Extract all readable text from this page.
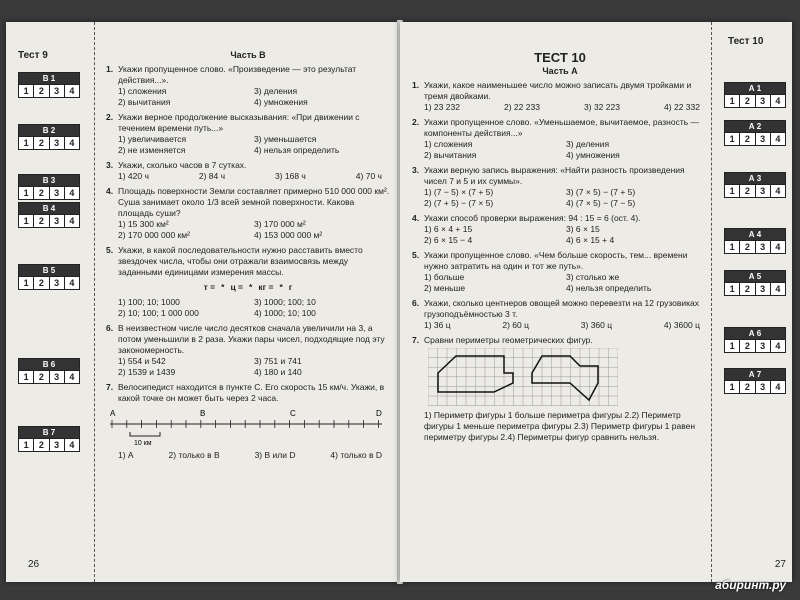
Тест 9
В 1
1	2	3	4
В 2
1	2	3	4
В 3
1	2	3	4
В 4
1	2	3	4
В 5
1	2	3	4
В 6
1	2	3	4
В 7
1	2	3	4
Часть В
1. Укажи пропущенное слово. «Произведение — это результат действия...».
1) сложения	3) деления
2) вычитания	4) умножения
2. Укажи верное продолжение высказывания: «При движении с течением времени путь...»
1) увеличивается	3) уменьшается
2) не изменяется	4) нельзя определить
3. Укажи, сколько часов в 7 сутках.
1) 420 ч	2) 84 ч	3) 168 ч	4) 70 ч
4. Площадь поверхности Земли составляет примерно 510 000 000 км². Суша занимает около 1/3 всей земной поверхности. Какова площадь суши?
1) 15 300 км²	3) 170 000 м²
2) 170 000 000 км²	4) 153 000 000 м²
5. Укажи, в какой последовательности нужно расставить вместо звездочек числа, чтобы они отражали взаимосвязь между заданными единицами измерения массы.
т = * ц = * кг = * г
1) 100; 10; 1000	3) 1000; 100; 10
2) 10; 100; 1 000 000	4) 1000; 10; 100
6. В неизвестном числе число десятков сначала увеличили на 3, а потом уменьшили в 2 раза. Укажи пары чисел, подходящие под эту закономерность.
1) 554 и 542	3) 751 и 741
2) 1539 и 1439	4) 180 и 140
7. Велосипедист находится в пункте С. Его скорость 15 км/ч. Укажи, в какой точке он может быть через 2 часа.
A	B	C	D
10 км
1) А	2) только в В	3) В или D	4) только в D
26
ТЕСТ 10
Часть А
1. Укажи, какое наименьшее число можно записать двумя тройками и тремя двойками.
1) 23 232	2) 22 233	3) 32 223	4) 22 332
2. Укажи пропущенное слово. «Уменьшаемое, вычитаемое, разность — компоненты действия...»
1) сложения	3) деления
2) вычитания	4) умножения
3. Укажи верную запись выражения: «Найти разность произведения чисел 7 и 5 и их суммы».
1) (7 − 5) × (7 + 5)	3) (7 × 5) − (7 + 5)
2) (7 + 5) − (7 × 5)	4) (7 × 5) − (7 − 5)
4. Укажи способ проверки выражения: 94 : 15 = 6 (ост. 4).
1) 6 × 4 + 15	3) 6 × 15
2) 6 × 15 − 4	4) 6 × 15 + 4
5. Укажи пропущенное слово. «Чем больше скорость, тем... времени нужно затратить на один и тот же путь».
1) больше	3) столько же
2) меньше	4) нельзя определить
6. Укажи, сколько центнеров овощей можно перевезти на 12 грузовиках грузоподъёмностью 3 т.
1) 36 ц	2) 60 ц	3) 360 ц	4) 3600 ц
7. Сравни периметры геометрических фигур.
1) Периметр фигуры 1 больше периметра фигуры 2.2) Периметр фигуры 1 меньше периметра фигуры 2.3) Периметр фигуры 1 равен периметру фигуры 2.4) Периметры фигур сравнить нельзя.
Тест 10
А 1
1	2	3	4
А 2
1	2	3	4
А 3
1	2	3	4
А 4
1	2	3	4
А 5
1	2	3	4
А 6
1	2	3	4
А 7
1	2	3	4
27
абиринт.ру
